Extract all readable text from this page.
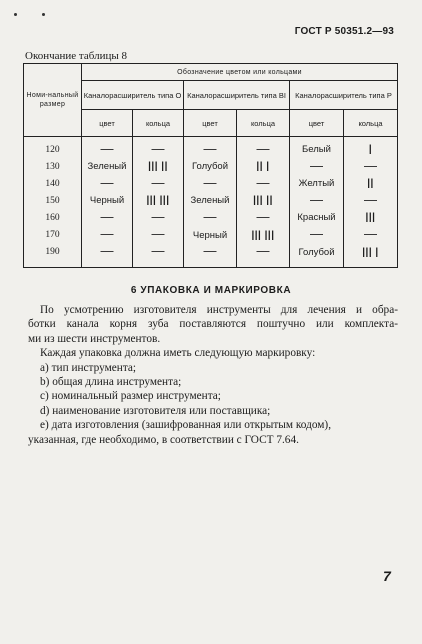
ГОСТ Р 50351.2—93
Окончание таблицы 8
Номи-нальный размер	Обозначение цветом или кольцами					
	Каналорасширитель типа О		Каналорасширитель типа ВI		Каналорасширитель типа Р	
	цвет	кольца	цвет	кольца	цвет	кольца
120	—	—	—	—	Белый	|
130	Зеленый	||| ||	Голубой	|| |	—	—
140	—	—	—	—	Желтый	||
150	Черный	||| |||	Зеленый	||| ||	—	—
160	—	—	—	—	Красный	|||
170	—	—	Черный	||| |||	—	—
190	—	—	—	—	Голубой	||| |
6 УПАКОВКА И МАРКИРОВКА

По усмотрению изготовителя инструменты для лечения и обра-

ботки канала корня зуба поставляются поштучно или комплекта-

ми из шести инструментов.

Каждая упаковка должна иметь следующую маркировку:

а) тип инструмента;

b) общая длина инструмента;

с) номинальный размер инструмента;

d) наименование изготовителя или поставщика;

е) дата изготовления (зашифрованная или открытым кодом),

указанная, где необходимо, в соответствии с ГОСТ 7.64.

7
